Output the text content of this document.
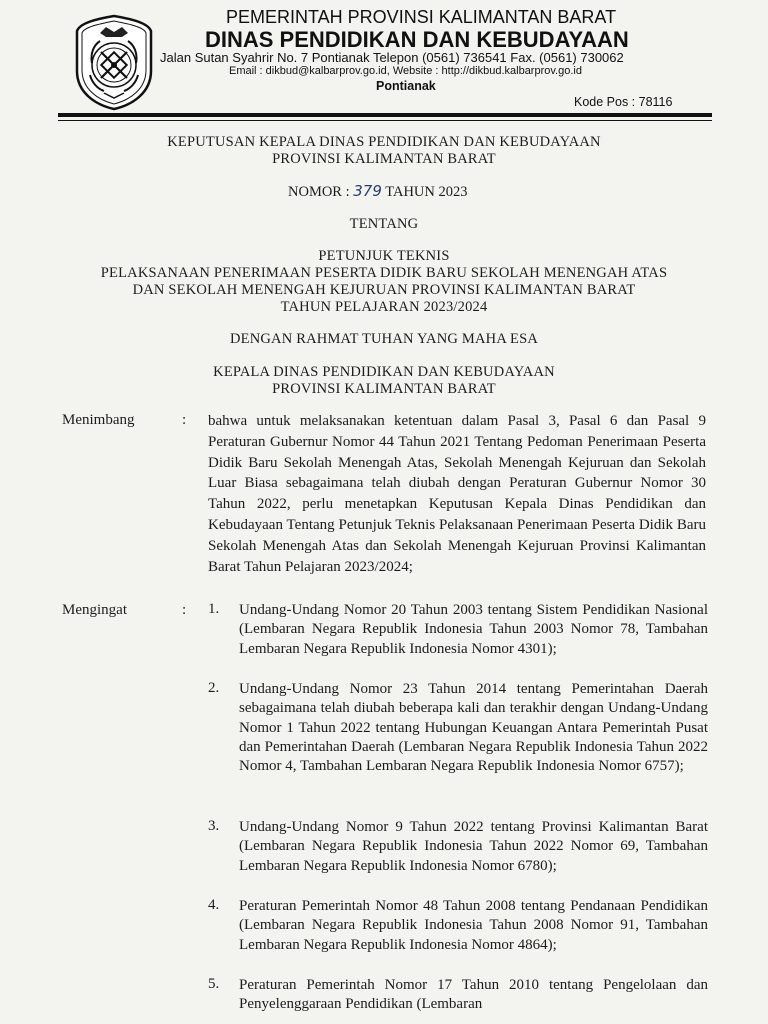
PEMERINTAH PROVINSI KALIMANTAN BARAT
DINAS PENDIDIKAN DAN KEBUDAYAAN
Jalan Sutan Syahrir No. 7 Pontianak Telepon (0561) 736541 Fax. (0561) 730062
Email : dikbud@kalbarprov.go.id, Website : http://dikbud.kalbarprov.go.id
Pontianak
Kode Pos : 78116
KEPUTUSAN KEPALA DINAS PENDIDIKAN DAN KEBUDAYAAN
PROVINSI KALIMANTAN BARAT
NOMOR : 379 TAHUN 2023
TENTANG
PETUNJUK TEKNIS
PELAKSANAAN PENERIMAAN PESERTA DIDIK BARU SEKOLAH MENENGAH ATAS
DAN SEKOLAH MENENGAH KEJURUAN PROVINSI KALIMANTAN BARAT
TAHUN PELAJARAN 2023/2024
DENGAN RAHMAT TUHAN YANG MAHA ESA
KEPALA DINAS PENDIDIKAN DAN KEBUDAYAAN
PROVINSI KALIMANTAN BARAT
Menimbang	: bahwa untuk melaksanakan ketentuan dalam Pasal 3, Pasal 6 dan Pasal 9 Peraturan Gubernur Nomor 44 Tahun 2021 Tentang Pedoman Penerimaan Peserta Didik Baru Sekolah Menengah Atas, Sekolah Menengah Kejuruan dan Sekolah Luar Biasa sebagaimana telah diubah dengan Peraturan Gubernur Nomor 30 Tahun 2022, perlu menetapkan Keputusan Kepala Dinas Pendidikan dan Kebudayaan Tentang Petunjuk Teknis Pelaksanaan Penerimaan Peserta Didik Baru Sekolah Menengah Atas dan Sekolah Menengah Kejuruan Provinsi Kalimantan Barat Tahun Pelajaran 2023/2024;
Mengingat	: 1. Undang-Undang Nomor 20 Tahun 2003 tentang Sistem Pendidikan Nasional (Lembaran Negara Republik Indonesia Tahun 2003 Nomor 78, Tambahan Lembaran Negara Republik Indonesia Nomor 4301);
2. Undang-Undang Nomor 23 Tahun 2014 tentang Pemerintahan Daerah sebagaimana telah diubah beberapa kali dan terakhir dengan Undang-Undang Nomor 1 Tahun 2022 tentang Hubungan Keuangan Antara Pemerintah Pusat dan Pemerintahan Daerah (Lembaran Negara Republik Indonesia Tahun 2022 Nomor 4, Tambahan Lembaran Negara Republik Indonesia Nomor 6757);
3. Undang-Undang Nomor 9 Tahun 2022 tentang Provinsi Kalimantan Barat (Lembaran Negara Republik Indonesia Tahun 2022 Nomor 69, Tambahan Lembaran Negara Republik Indonesia Nomor 6780);
4. Peraturan Pemerintah Nomor 48 Tahun 2008 tentang Pendanaan Pendidikan (Lembaran Negara Republik Indonesia Tahun 2008 Nomor 91, Tambahan Lembaran Negara Republik Indonesia Nomor 4864);
5. Peraturan Pemerintah Nomor 17 Tahun 2010 tentang Pengelolaan dan Penyelenggaraan Pendidikan (Lembaran
